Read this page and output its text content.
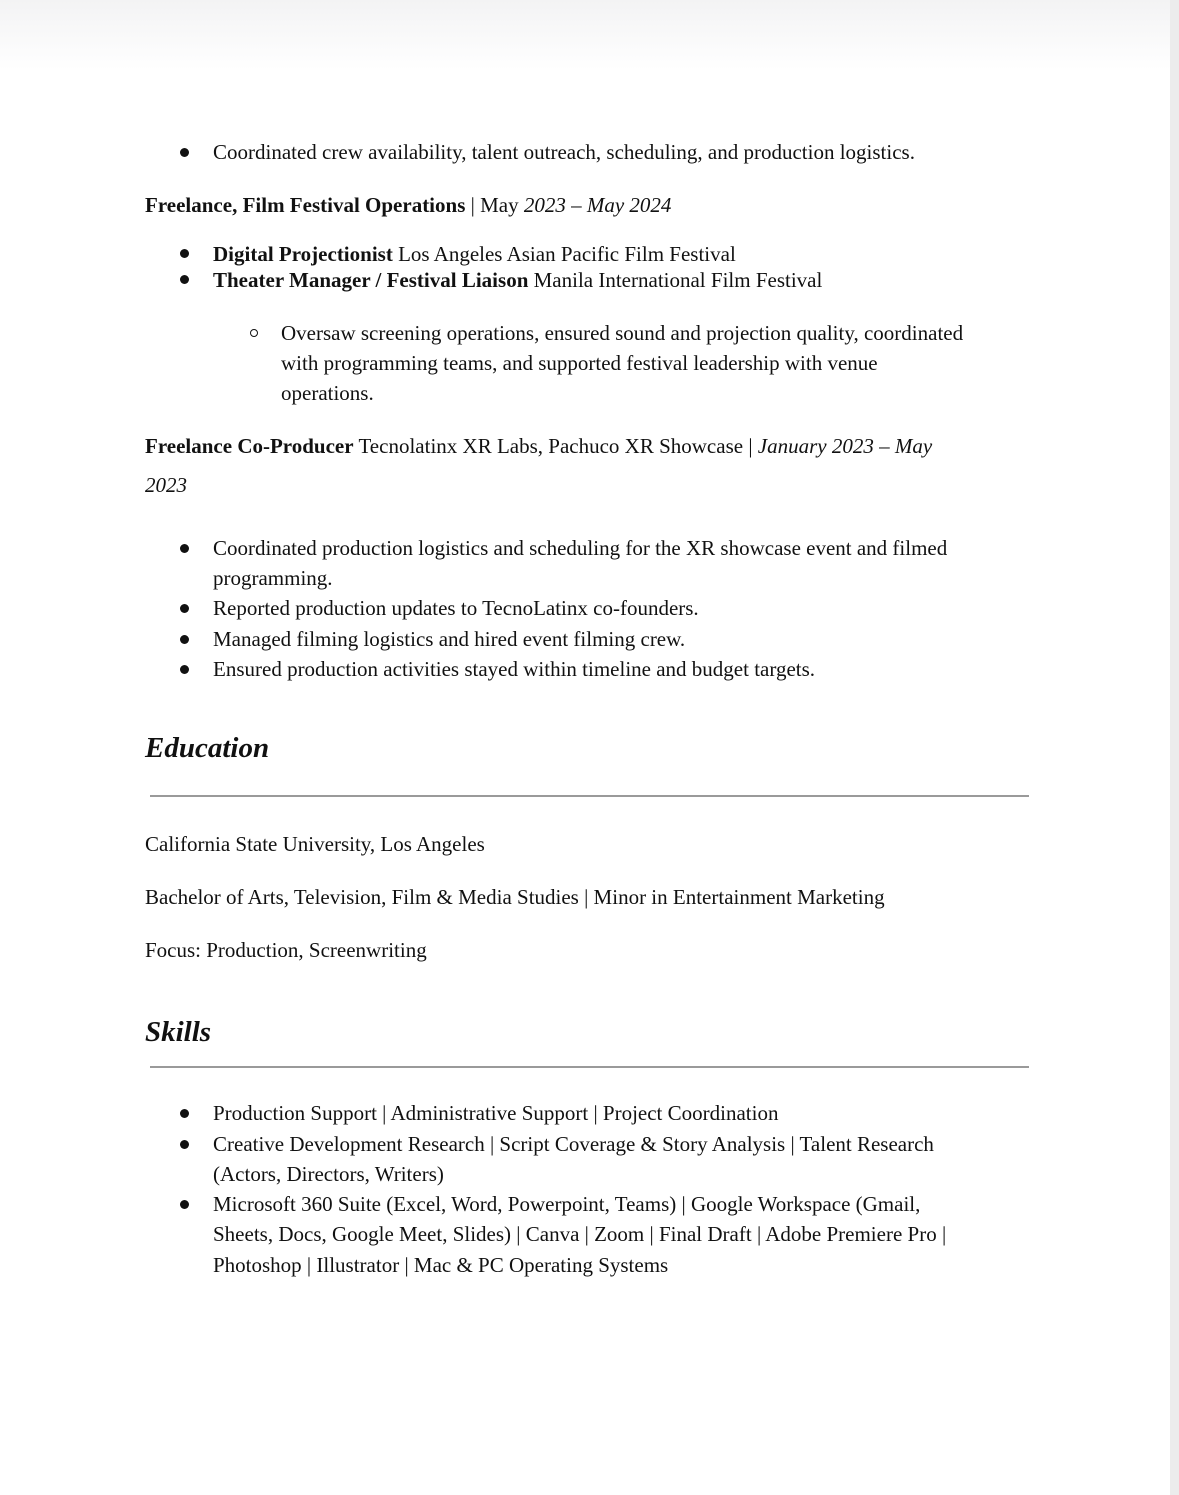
Coordinated crew availability, talent outreach, scheduling, and production logistics.
Freelance, Film Festival Operations | May 2023 – May 2024
Digital Projectionist Los Angeles Asian Pacific Film Festival
Theater Manager / Festival Liaison Manila International Film Festival
Oversaw screening operations, ensured sound and projection quality, coordinated
with programming teams, and supported festival leadership with venue
operations.
Freelance Co-Producer Tecnolatinx XR Labs, Pachuco XR Showcase | January 2023 – May
2023
Coordinated production logistics and scheduling for the XR showcase event and filmed
programming.
Reported production updates to TecnoLatinx co-founders.
Managed filming logistics and hired event filming crew.
Ensured production activities stayed within timeline and budget targets.
Education
California State University, Los Angeles
Bachelor of Arts, Television, Film & Media Studies | Minor in Entertainment Marketing
Focus: Production, Screenwriting
Skills
Production Support | Administrative Support | Project Coordination
Creative Development Research | Script Coverage & Story Analysis | Talent Research
(Actors, Directors, Writers)
Microsoft 360 Suite (Excel, Word, Powerpoint, Teams) | Google Workspace (Gmail,
Sheets, Docs, Google Meet, Slides) | Canva | Zoom | Final Draft | Adobe Premiere Pro |
Photoshop | Illustrator | Mac & PC Operating Systems
